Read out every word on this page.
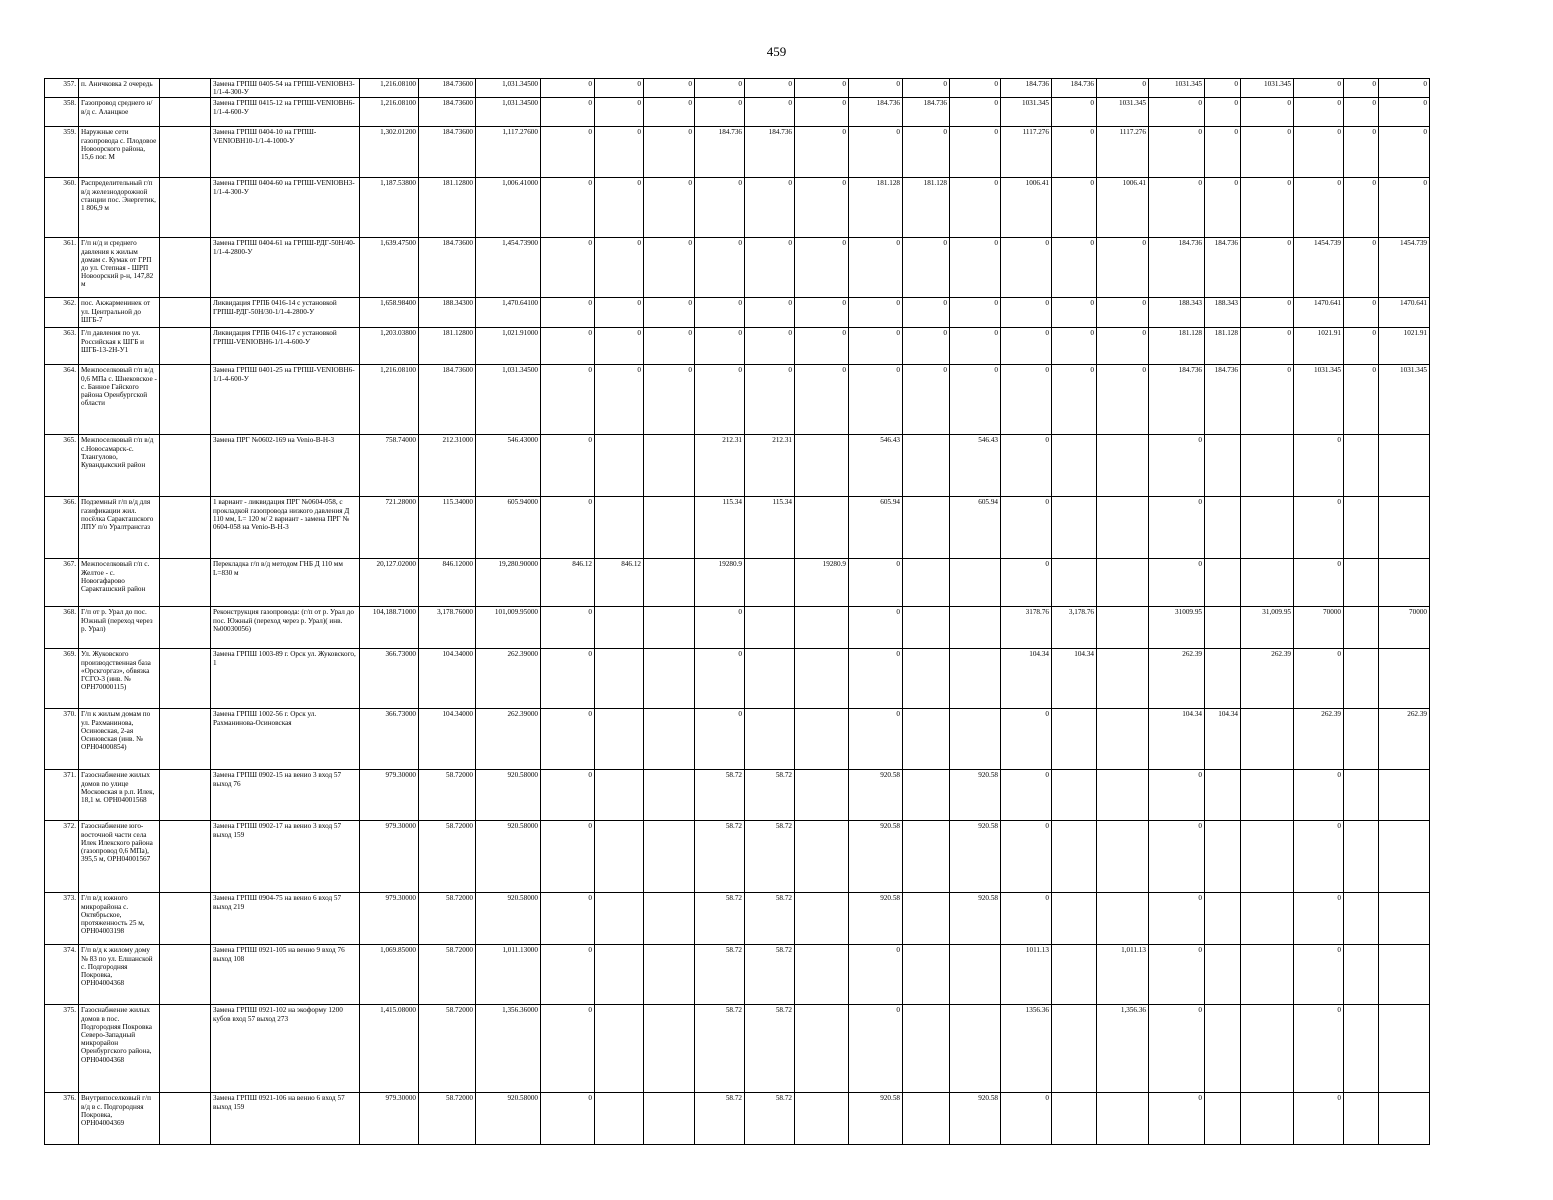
459
357.	п. Аничковка 2 очередь		Замена ГРПШ 0405-54 на ГРПШ-VENIOBH3-1/1-4-300-У	1,216.08100	184.73600	1,031.34500	0	0	0	0	0	0	0	0	0	184.736	184.736	0	1031.345	0	1031.345	0	0	0
358.	Газопровод среднего н/в/д с. Аланцкое		Замена ГРПШ 0415-12 на ГРПШ-VENIOBH6-1/1-4-600-У	1,216.08100	184.73600	1,031.34500	0	0	0	0	0	0	184.736	184.736	0	1031.345	0	1031.345	0	0	0	0	0	0
359.	Наружные сети газопровода с. Плодовое Новоорского района, 15,6 пог. М		Замена ГРПШ 0404-10 на ГРПШ-VENIOBH10-1/1-4-1000-У	1,302.01200	184.73600	1,117.27600	0	0	0	184.736	184.736	0	0	0	0	1117.276	0	1117.276	0	0	0	0	0	0
360.	Распределительный г/п в/д железнодорожной станции пос. Энергетик, 1 806,9 м		Замена ГРПШ 0404-60 на ГРПШ-VENIOBH3-1/1-4-300-У	1,187.53800	181.12800	1,006.41000	0	0	0	0	0	0	181.128	181.128	0	1006.41	0	1006.41	0	0	0	0	0	0
361.	Г/п н/д и среднего давления к жилым домам с. Кумак от ГРП до ул. Степная - ШРП Новоорский р-н, 147,82 м		Замена ГРПШ 0404-61 на ГРПШ-РДГ-50Н/40-1/1-4-2800-У	1,639.47500	184.73600	1,454.73900	0	0	0	0	0	0	0	0	0	0	0	0	184.736	184.736	0	1454.739	0	1454.739
362.	пос. Акжарменинек от ул. Центральной до ШГБ-7		Ликвидация ГРПБ 0416-14 с установкой ГРПШ-РДГ-50Н/30-1/1-4-2800-У	1,658.98400	188.34300	1,470.64100	0	0	0	0	0	0	0	0	0	0	0	0	188.343	188.343	0	1470.641	0	1470.641
363.	Г/п давления по ул. Российская к ШГБ и ШГБ-13-2Н-У1		Ликвидация ГРПБ 0416-17 с установкой ГРПШ-VENIOBH6-1/1-4-600-У	1,203.03800	181.12800	1,021.91000	0	0	0	0	0	0	0	0	0	0	0	0	181.128	181.128	0	1021.91	0	1021.91
364.	Межпоселковый г/п в/д 0,6 МПа с. Шнековское - с. Банное Гайского района Оренбургской области		Замена ГРПШ 0401-25 на ГРПШ-VENIOBH6-1/1-4-600-У	1,216.08100	184.73600	1,031.34500	0	0	0	0	0	0	0	0	0	0	0	0	184.736	184.736	0	1031.345	0	1031.345
365.	Межпоселковый г/п в/д с.Новосамарск-с. Тлангулово, Кувандыкский район		Замена ПРГ №0602-169 на Venio-B-H-3	758.74000	212.31000	546.43000	0			212.31	212.31		546.43		546.43	0			0			0		
366.	Подземный г/п в/д для газификации жил. посёлка Саракташского ЛПУ п/о Уралтрансгаз		1 вариант - ликвидация ПРГ №0604-058, с прокладкой газопровода низкого давления Д 110 мм, L= 120 м/ 2 вариант - замена ПРГ № 0604-058 на Venio-B-H-3	721.28000	115.34000	605.94000	0			115.34	115.34		605.94		605.94	0			0			0		
367.	Межпоселковый г/п с. Желтое - с. Новогафарово Саракташский район		Перекладка г/п в/д методом ГНБ Д 110 мм L=830 м	20,127.02000	846.12000	19,280.90000	846.12	846.12		19280.9		19280.9	0			0			0			0		
368.	Г/п от р. Урал до пос. Южный (переход через р. Урал)		Реконструкция газопровода: (г/п от р. Урал до пос. Южный (переход через р. Урал)( инв. №00030056)	104,188.71000	3,178.76000	101,009.95000	0			0			0			3178.76	3,178.76		31009.95		31,009.95	70000		70000
369.	Ул. Жуковского производственная база «Орскгоргаз», обвязка ГСГО-3 (инв. № ОРН70000115)		Замена ГРПШ 1003-89 г. Орск ул. Жуковского, 1	366.73000	104.34000	262.39000	0			0			0			104.34	104.34		262.39		262.39	0		
370.	Г/п к жилым домам по ул. Рахманинова, Осиновская, 2-ая Осиновская (инв. № ОРН04000854)		Замена ГРПШ 1002-56 г. Орск ул. Рахманинова-Осиновская	366.73000	104.34000	262.39000	0			0			0			0			104.34	104.34		262.39		262.39
371.	Газоснабжение жилых домов по улице Московская в р.п. Илек, 18,1 м. ОРН04001568		Замена ГРПШ 0902-15 на венио 3 вход 57 выход 76	979.30000	58.72000	920.58000	0			58.72	58.72		920.58		920.58	0			0			0		
372.	Газоснабжение юго-восточной части села Илек Илекского района (газопровод 0,6 МПа), 395,5 м, ОРН04001567		Замена ГРПШ 0902-17 на венио 3 вход 57 выход 159	979.30000	58.72000	920.58000	0			58.72	58.72		920.58		920.58	0			0			0		
373.	Г/п в/д южного микрорайона с. Октябрьское, протяженность 25 м, ОРН04003198		Замена ГРПШ 0904-75 на венио 6 вход 57 выход 219	979.30000	58.72000	920.58000	0			58.72	58.72		920.58		920.58	0			0			0		
374.	Г/п в/д к жилому дому № 83 по ул. Елшанской с. Подгородняя Покровка, ОРН04004368		Замена ГРПШ 0921-105 на венио 9 вход 76 выход 108	1,069.85000	58.72000	1,011.13000	0			58.72	58.72		0			1011.13		1,011.13	0			0		
375.	Газоснабжение жилых домов в пос. Подгородняя Покровка Северо-Западный микрорайон Оренбургского района, ОРН04004368		Замена ГРПШ 0921-102 на экоформу 1200 кубов вход 57 выход 273	1,415.08000	58.72000	1,356.36000	0			58.72	58.72		0			1356.36		1,356.36	0			0		
376.	Внутрипоселковый г/п в/д в с. Подгородняя Покровка, ОРН04004369		Замена ГРПШ 0921-106 на венио 6 вход 57 выход 159	979.30000	58.72000	920.58000	0			58.72	58.72		920.58		920.58	0			0			0		
